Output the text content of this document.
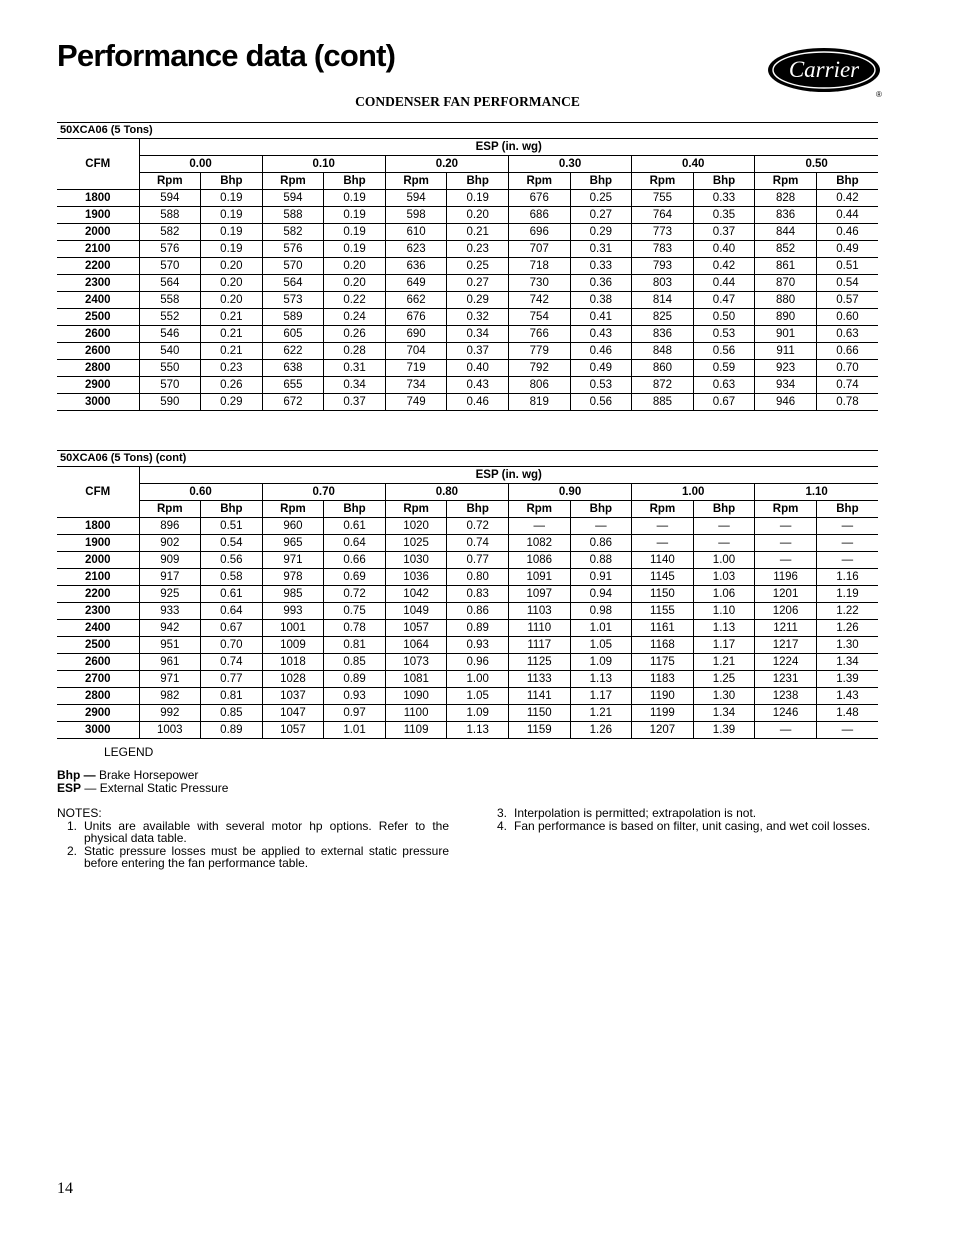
Performance data (cont)	Carrier
®
CONDENSER FAN PERFORMANCE
50XCA06 (5 Tons)
CFM	ESP (in. wg)											
	0.00		0.10		0.20		0.30		0.40		0.50	
	Rpm	Bhp	Rpm	Bhp	Rpm	Bhp	Rpm	Bhp	Rpm	Bhp	Rpm	Bhp
1800	594	0.19	594	0.19	594	0.19	676	0.25	755	0.33	828	0.42
1900	588	0.19	588	0.19	598	0.20	686	0.27	764	0.35	836	0.44
2000	582	0.19	582	0.19	610	0.21	696	0.29	773	0.37	844	0.46
2100	576	0.19	576	0.19	623	0.23	707	0.31	783	0.40	852	0.49
2200	570	0.20	570	0.20	636	0.25	718	0.33	793	0.42	861	0.51
2300	564	0.20	564	0.20	649	0.27	730	0.36	803	0.44	870	0.54
2400	558	0.20	573	0.22	662	0.29	742	0.38	814	0.47	880	0.57
2500	552	0.21	589	0.24	676	0.32	754	0.41	825	0.50	890	0.60
2600	546	0.21	605	0.26	690	0.34	766	0.43	836	0.53	901	0.63
2600	540	0.21	622	0.28	704	0.37	779	0.46	848	0.56	911	0.66
2800	550	0.23	638	0.31	719	0.40	792	0.49	860	0.59	923	0.70
2900	570	0.26	655	0.34	734	0.43	806	0.53	872	0.63	934	0.74
3000	590	0.29	672	0.37	749	0.46	819	0.56	885	0.67	946	0.78
50XCA06 (5 Tons) (cont)
CFM	ESP (in. wg)											
	0.60		0.70		0.80		0.90		1.00		1.10	
	Rpm	Bhp	Rpm	Bhp	Rpm	Bhp	Rpm	Bhp	Rpm	Bhp	Rpm	Bhp
1800	896	0.51	960	0.61	1020	0.72	—	—	—	—	—	—
1900	902	0.54	965	0.64	1025	0.74	1082	0.86	—	—	—	—
2000	909	0.56	971	0.66	1030	0.77	1086	0.88	1140	1.00	—	—
2100	917	0.58	978	0.69	1036	0.80	1091	0.91	1145	1.03	1196	1.16
2200	925	0.61	985	0.72	1042	0.83	1097	0.94	1150	1.06	1201	1.19
2300	933	0.64	993	0.75	1049	0.86	1103	0.98	1155	1.10	1206	1.22
2400	942	0.67	1001	0.78	1057	0.89	1110	1.01	1161	1.13	1211	1.26
2500	951	0.70	1009	0.81	1064	0.93	1117	1.05	1168	1.17	1217	1.30
2600	961	0.74	1018	0.85	1073	0.96	1125	1.09	1175	1.21	1224	1.34
2700	971	0.77	1028	0.89	1081	1.00	1133	1.13	1183	1.25	1231	1.39
2800	982	0.81	1037	0.93	1090	1.05	1141	1.17	1190	1.30	1238	1.43
2900	992	0.85	1047	0.97	1100	1.09	1150	1.21	1199	1.34	1246	1.48
3000	1003	0.89	1057	1.01	1109	1.13	1159	1.26	1207	1.39	—	—
LEGEND
Bhp — Brake Horsepower
ESP — External Static Pressure
NOTES:
1. Units are available with several motor hp options. Refer to the physical data table.
2. Static pressure losses must be applied to external static pressure before entering the fan performance table.
3. Interpolation is permitted; extrapolation is not.
4. Fan performance is based on filter, unit casing, and wet coil losses.
14
